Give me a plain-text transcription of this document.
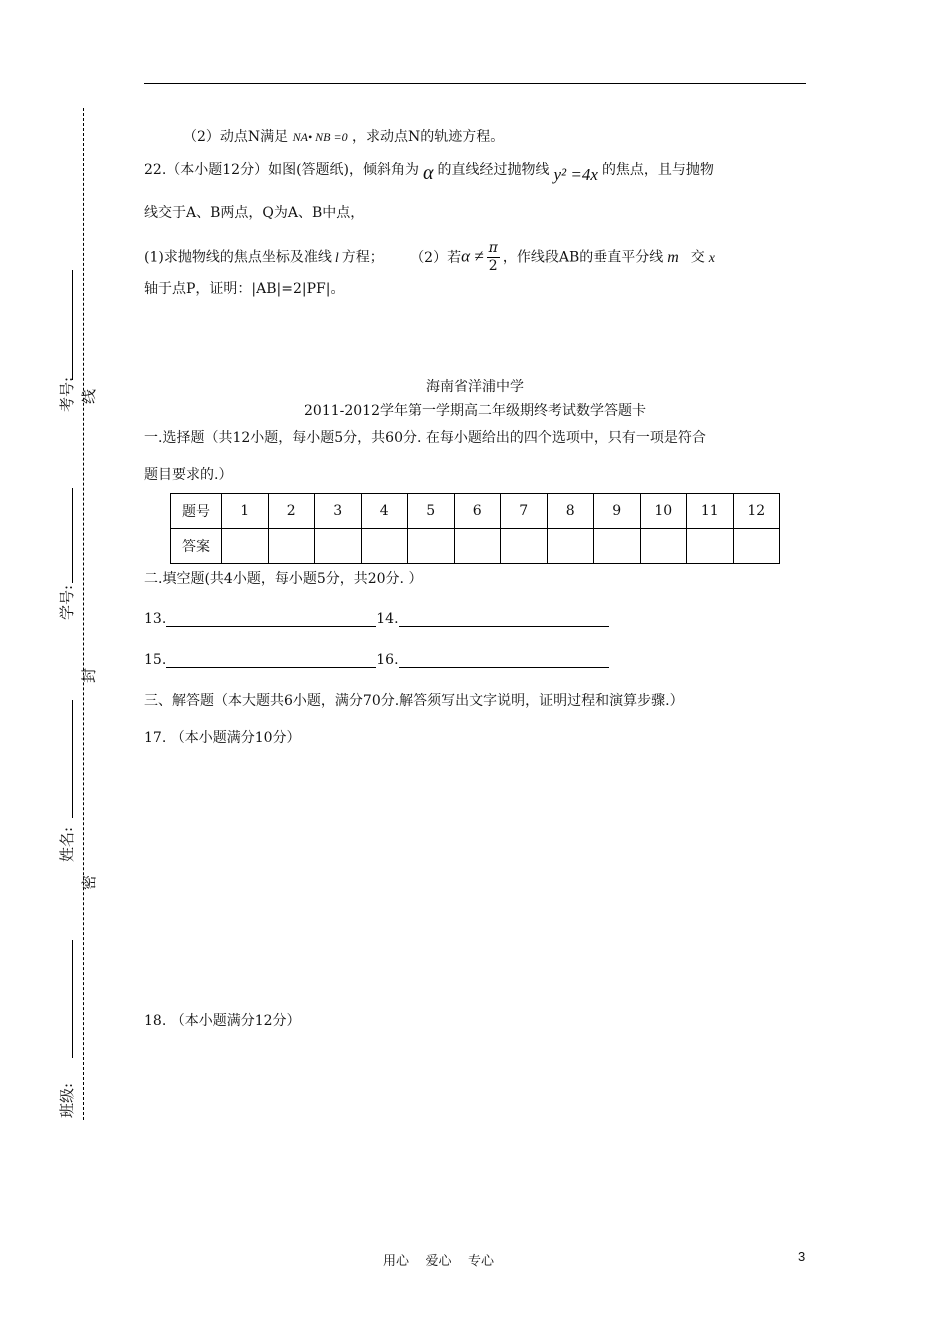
（2）动点N满足 NA• NB =0 ，求动点N的轨迹方程。
22.（本小题12分）如图(答题纸)，倾斜角为 α 的直线经过抛物线 y² =4x 的焦点，且与抛物
线交于A、B两点，Q为A、B中点，
(1)求抛物线的焦点坐标及准线 l 方程； （2）若$\alpha \ne \frac{\pi}{2}$ ，作线段AB的垂直平分线 m 交 x
轴于点P，证明：|AB|=2|PF|。
海南省洋浦中学
2011-2012学年第一学期高二年级期终考试数学答题卡
一.选择题（共12小题，每小题5分，共60分. 在每小题给出的四个选项中，只有一项是符合
题目要求的.）
题号	1	2	3	4	5	6	7	8	9	10	11	12
答案												
二.填空题(共4小题，每小题5分，共20分. ）
13.	14.
15.	16.
三、解答题（本大题共6小题，满分70分.解答须写出文字说明，证明过程和演算步骤.）
17. （本小题满分10分）
18. （本小题满分12分）
考号: 线
学号:
封
姓名:
密
班级:
用心    爱心    专心	3
